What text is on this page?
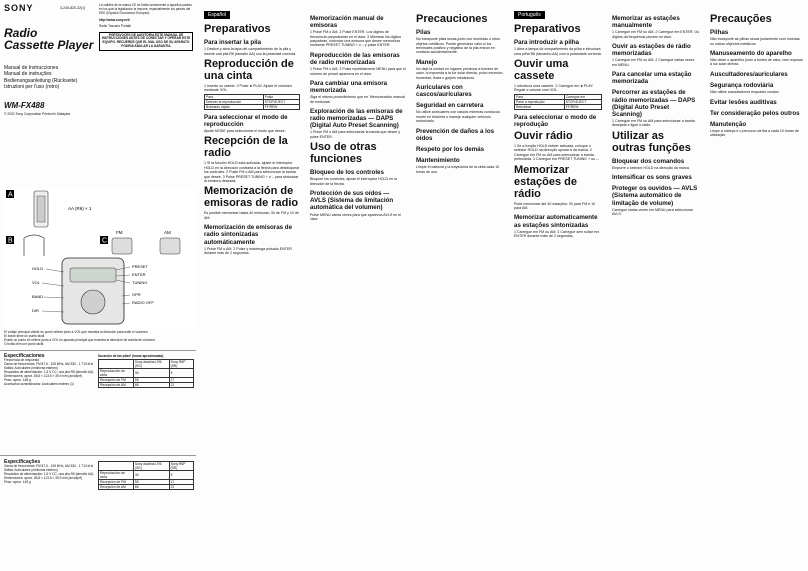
SONY	3-245-820-32(1)
Radio
Cassette Player
Manual de Instrucciones
Manual de instruções
Bedienungsanleitung (Rückseite)
Istruzioni per l'uso (retro)
WM-FX488
© 2002 Sony Corporation Printed in Malaysia
La validez de la marca CE se limita únicamente a aquellos países en los que la legislación la impone, especialmente los países del EEE (Espacio Económico Europeo).
http://www.sony.net/
Radio Toscano Portatil
PORTAVOCES DE AUDITORIA ESTE MANUAL DE INSTRUCCIONES ANTES DE CONECTAR Y OPERAR ESTE EQUIPO. RECUERDE QUE EL MAL USO DE SU APARATO PODRÍA ANULAR LA GARANTÍA
A
AA (R6) × 1
B	C
FM	AM
HOLD	PRESET
ENTER
TUNING
VOL
OPR
RADIO OFF
BAND
DIR
El voltaje principal visible en punto relieve junto a VOL que muestra la dirección para subir el volumen.
El botón tiene un punto táctil.
Existe un punto en relieve junto a VOL en aparato principal que muestra la dirección de subida de volumen.
O botão tem um ponto táctil.
Especificaciones
Frecuencia de respuesta
Gama de frecuencias: FM 87,5 - 108 MHz, AM 530 - 1 710 kHz
Salida: Auriculares (minitoma estéreo)
Requisitos de alimentación: 1,5 V CC, una pila R6 (tamaño AA)
Dimensiones: aprox. 85,8 × 113,5 × 35,9 mm (an/al/prf)
Peso: aprox. 148 g
Accesorios suministrados: Auriculares estéreo (1)
Duración de las pilas* (horas aproximadas)
	Sony alcalina LR6 (SG)	Sony R6P (SR)
Reproducción de cinta	30	5
Recepción de FM	55	17
Recepción de AM	66	21
Especificações
Gama de frecuencias: FM 87,5 - 108 MHz, AM 530 - 1 710 kHz
Salida: Auriculares (minitoma estéreo)
Requisitos de alimentación: 1,5 V CC, una pila R6 (tamaño AA)
Dimensiones: aprox. 85,8 × 113,5 × 35,9 mm (an/al/prf)
Peso: aprox. 148 g
	Sony alcalina LR6 (SG)	Sony R6P (SR)
Reproducción de cinta	30	5
Recepción de FM	55	17
Recepción de AM	66	21
Español
Preparativos
Para insertar la pila

1 Deslice y abra la tapa del compartimiento de la pila y inserte una pila R6 (tamaño AA) con la polaridad correcta.

Reproducción de una cinta

1 Inserte un casete. 2 Pulse ►PLAY. Ajuste el volumen mediante VOL.

Para	Pulse
Detener la reproducción	STOP•EJECT
Bobinado rápido	FF/REW
Para seleccionar el modo de reproducción

Ajuste MODE para seleccionar el modo que desee.

Recepción de la radio

1 Si la función HOLD está activada, ajuste el interruptor HOLD en la dirección contraria a la flecha para desbloquear los controles. 2 Pulse FM o AM para seleccionar la banda que desee. 3 Pulse PRESET TUNING + o – para sintonizar la emisora deseada.

Memorización de emisoras de radio

Es posible memorizar hasta 40 emisoras: 30 de FM y 10 de AM.

Memorización de emisoras de radio sintonizadas automáticamente

1 Pulse FM o AM. 2 Pulse y mantenga pulsado ENTER durante más de 2 segundos.

Memorización manual de emisoras

1 Pulse FM o AM. 2 Pulse ENTER. Los dígitos de frecuencia parpadearán en el visor. 3 Mientras los dígitos parpadean, sintonice una emisora que desee memorizar mediante PRESET TUNING + o – y pulse ENTER.

Reproducción de las emisoras de radio memorizadas

1 Pulse FM o AM. 2 Pulse repetidamente MENU para que el número de preset aparezca en el visor.

Para cambiar una emisora memorizada

Siga el mismo procedimiento que en 'Memorización manual de emisoras'.

Exploración de las emisoras de radio memorizadas — DAPS (Digital Auto Preset Scanning)

1 Pulse FM o AM para seleccionar la banda que desee y pulse ENTER.

Uso de otras funciones
Bloqueo de los controles

Bloquee los controles, ajuste el interruptor HOLD en la dirección de la flecha.

Protección de sus oídos — AVLS (Sistema de limitación automática del volumen)

Pulse MENU varias veces para que aparezca AVLS en el visor.

Precauciones
Pilas

No transporte pilas secas junto con monedas u otros objetos metálicos. Puede generarse calor si los terminales positivo y negativo de la pila entran en contacto accidentalmente.

Manejo

No deje la unidad en lugares próximos a fuentes de calor, ni expuesta a la luz solar directa, polvo excesivo, humedad, lluvia o golpes mecánicos.

Auriculares con cascos/auriculares
Seguridad en carretera

No utilice auriculares con cascos mientras conduzca, monte en bicicleta o maneje cualquier vehículo motorizado.

Prevención de daños a los oídos
Respeto por los demás
Mantenimiento

Limpie el cabezal y la trayectoria de la cinta cada 10 horas de uso.

Português
Preparativos
Para introduzir a pilha

1 Abra a tampa do compartimento da pilha e introduza uma pilha R6 (tamanho AA) com a polaridade correcta.

Ouvir uma cassete

1 Introduza uma cassete. 2 Carregue em ►PLAY. Regule o volume com VOL.

Para	Carregue em
Parar a reprodução	STOP•EJECT
Rebobinar	FF/REW
Para seleccionar o modo de reprodução
Ouvir rádio

1 Se a função HOLD estiver activada, coloque o selector HOLD na direcção oposta à da marca. 2 Carregue em FM ou AM para seleccionar a banda pretendida. 3 Carregue em PRESET TUNING + ou –.

Memorizar estações de rádio

Pode memorizar até 40 estações: 30 para FM e 10 para AM.

Memorizar automaticamente as estações sintonizadas

1 Carregue em FM ou AM. 2 Carregue sem soltar em ENTER durante mais de 2 segundos.

Memorizar as estações manualmente

1 Carregue em FM ou AM. 2 Carregue em ENTER. Os dígitos da frequência piscam no visor.

Ouvir as estações de rádio memorizadas

1 Carregue em FM ou AM. 2 Carregue várias vezes em MENU.

Para cancelar uma estação memorizada
Percorrer as estações de rádio memorizadas — DAPS (Digital Auto Preset Scanning)

1 Carregue em FM ou AM para seleccionar a banda desejada e ligue o rádio.

Utilizar as outras funções
Bloquear dos comandos

Empurre o selector HOLD na direcção da marca.

Intensificar os sons graves
Proteger os ouvidos — AVLS (Sistema automático de limitação de volume)

Carregue várias vezes em MENU para seleccionar AVLS.

Precauções
Pilhas

Não transporte as pilhas secas juntamente com moedas ou outros objectos metálicos.

Manuseamento do aparelho

Não deixe o aparelho junto a fontes de calor, nem exposto à luz solar directa.

Auscultadores/auriculares
Segurança rodoviária

Não utilize auscultadores enquanto conduz.

Evitar lesões auditivas
Ter consideração pelos outros
Manutenção

Limpe a cabeça e o percurso da fita a cada 10 horas de utilização.
